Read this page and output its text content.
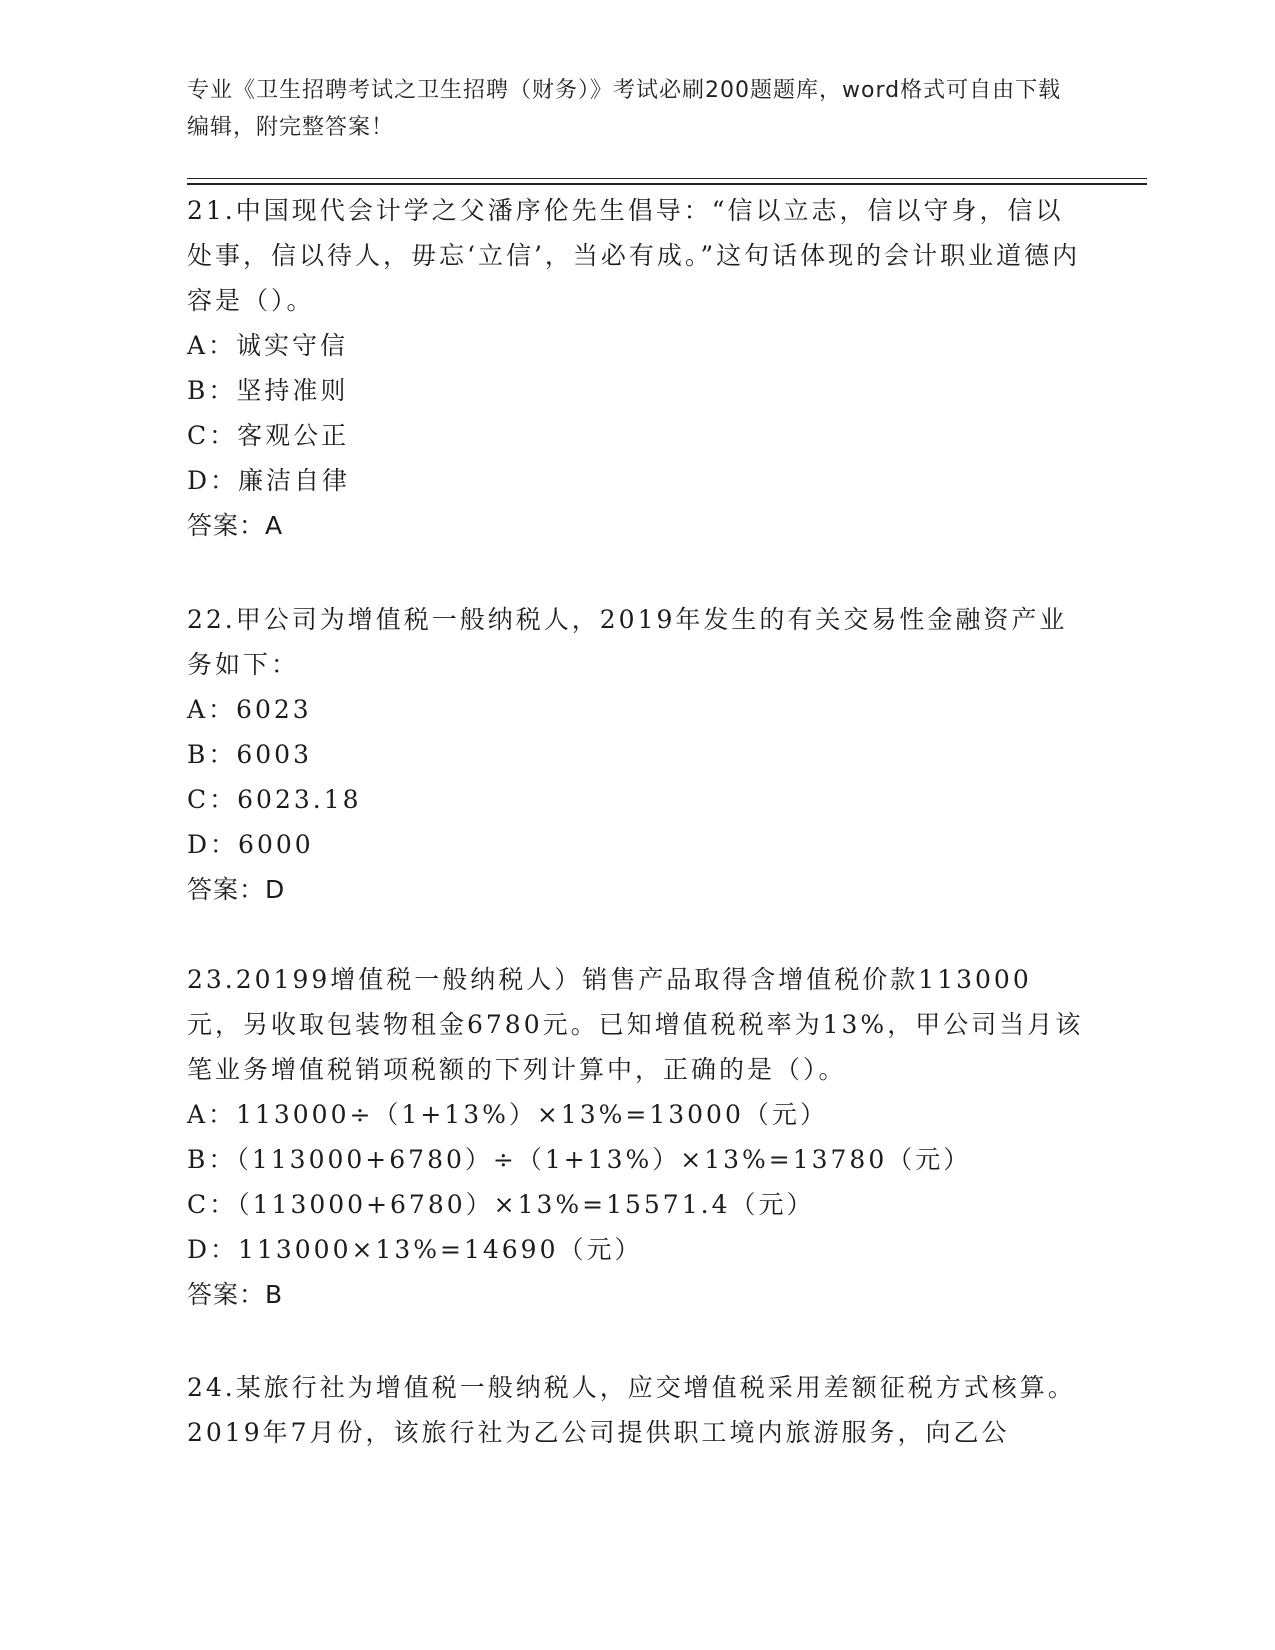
专业《卫生招聘考试之卫生招聘（财务）》考试必刷200题题库，word格式可自由下载编辑，附完整答案！

21.中国现代会计学之父潘序伦先生倡导：“信以立志，信以守身，信以处事，信以待人，毋忘‘立信’，当必有成。”这句话体现的会计职业道德内容是（）。

A：诚实守信

B：坚持准则

C：客观公正

D：廉洁自律

答案：A

22.甲公司为增值税一般纳税人，2019年发生的有关交易性金融资产业务如下：

A：6023

B：6003

C：6023.18

D：6000

答案：D

23.20199增值税一般纳税人）销售产品取得含增值税价款113000元，另收取包装物租金6780元。已知增值税税率为13%，甲公司当月该笔业务增值税销项税额的下列计算中，正确的是（）。

A：113000÷（1+13%）×13%=13000（元）

B：（113000+6780）÷（1+13%）×13%=13780（元）

C：（113000+6780）×13%=15571.4（元）

D：113000×13%=14690（元）

答案：B

24.某旅行社为增值税一般纳税人，应交增值税采用差额征税方式核算。2019年7月份，该旅行社为乙公司提供职工境内旅游服务，向乙公
